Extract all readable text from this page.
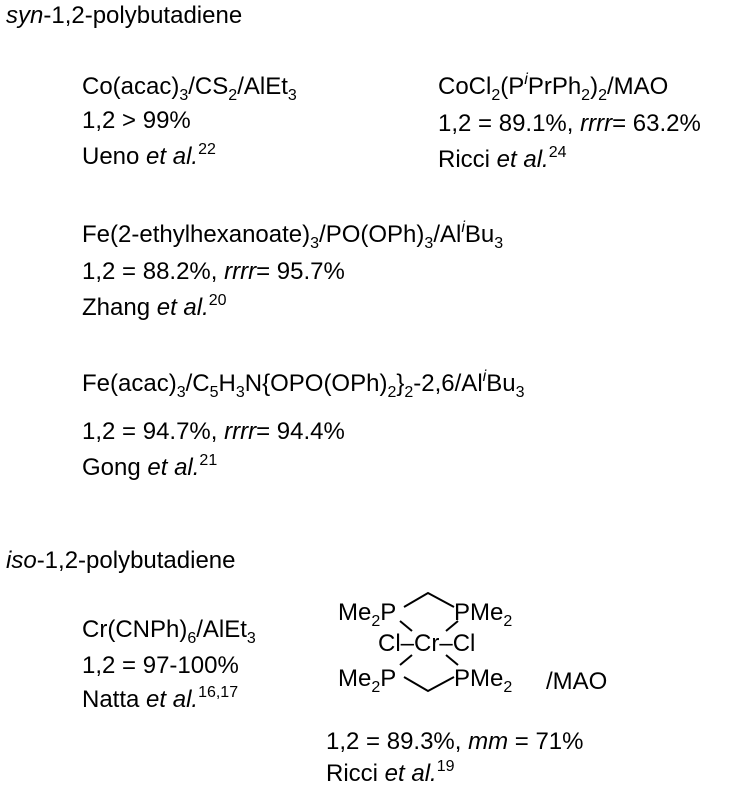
syn-1,2-polybutadiene
$Co(acac)_3/CS_2/AlEt_3$
1,2 > 99%
Ueno et al.$^{22}$
$CoCl_2(P^iPrPh_2)_2$/MAO
1,2 = 89.1%, rrrr= 63.2%
Ricci et al.$^{24}$
$Fe(2-ethylhexanoate)_3/PO(OPh)_3/Al^iBu_3$
1,2 = 88.2%, rrrr= 95.7%
Zhang et al.$^{20}$
$Fe(acac)_3/C_5H_3N\{OPO(OPh)_2\}_2-2,6/Al^iBu_3$
1,2 = 94.7%, rrrr= 94.4%
Gong et al.$^{21}$
iso-1,2-polybutadiene
$Cr(CNPh)_6/AlEt_3$
1,2 = 97-100%
Natta et al.$^{16,17}$
$Me_2P$ PMe$_2$
Cl–Cr–Cl
$Me_2P$ PMe$_2$ /MAO
1,2 = 89.3%, mm = 71%
Ricci et al.$^{19}$
